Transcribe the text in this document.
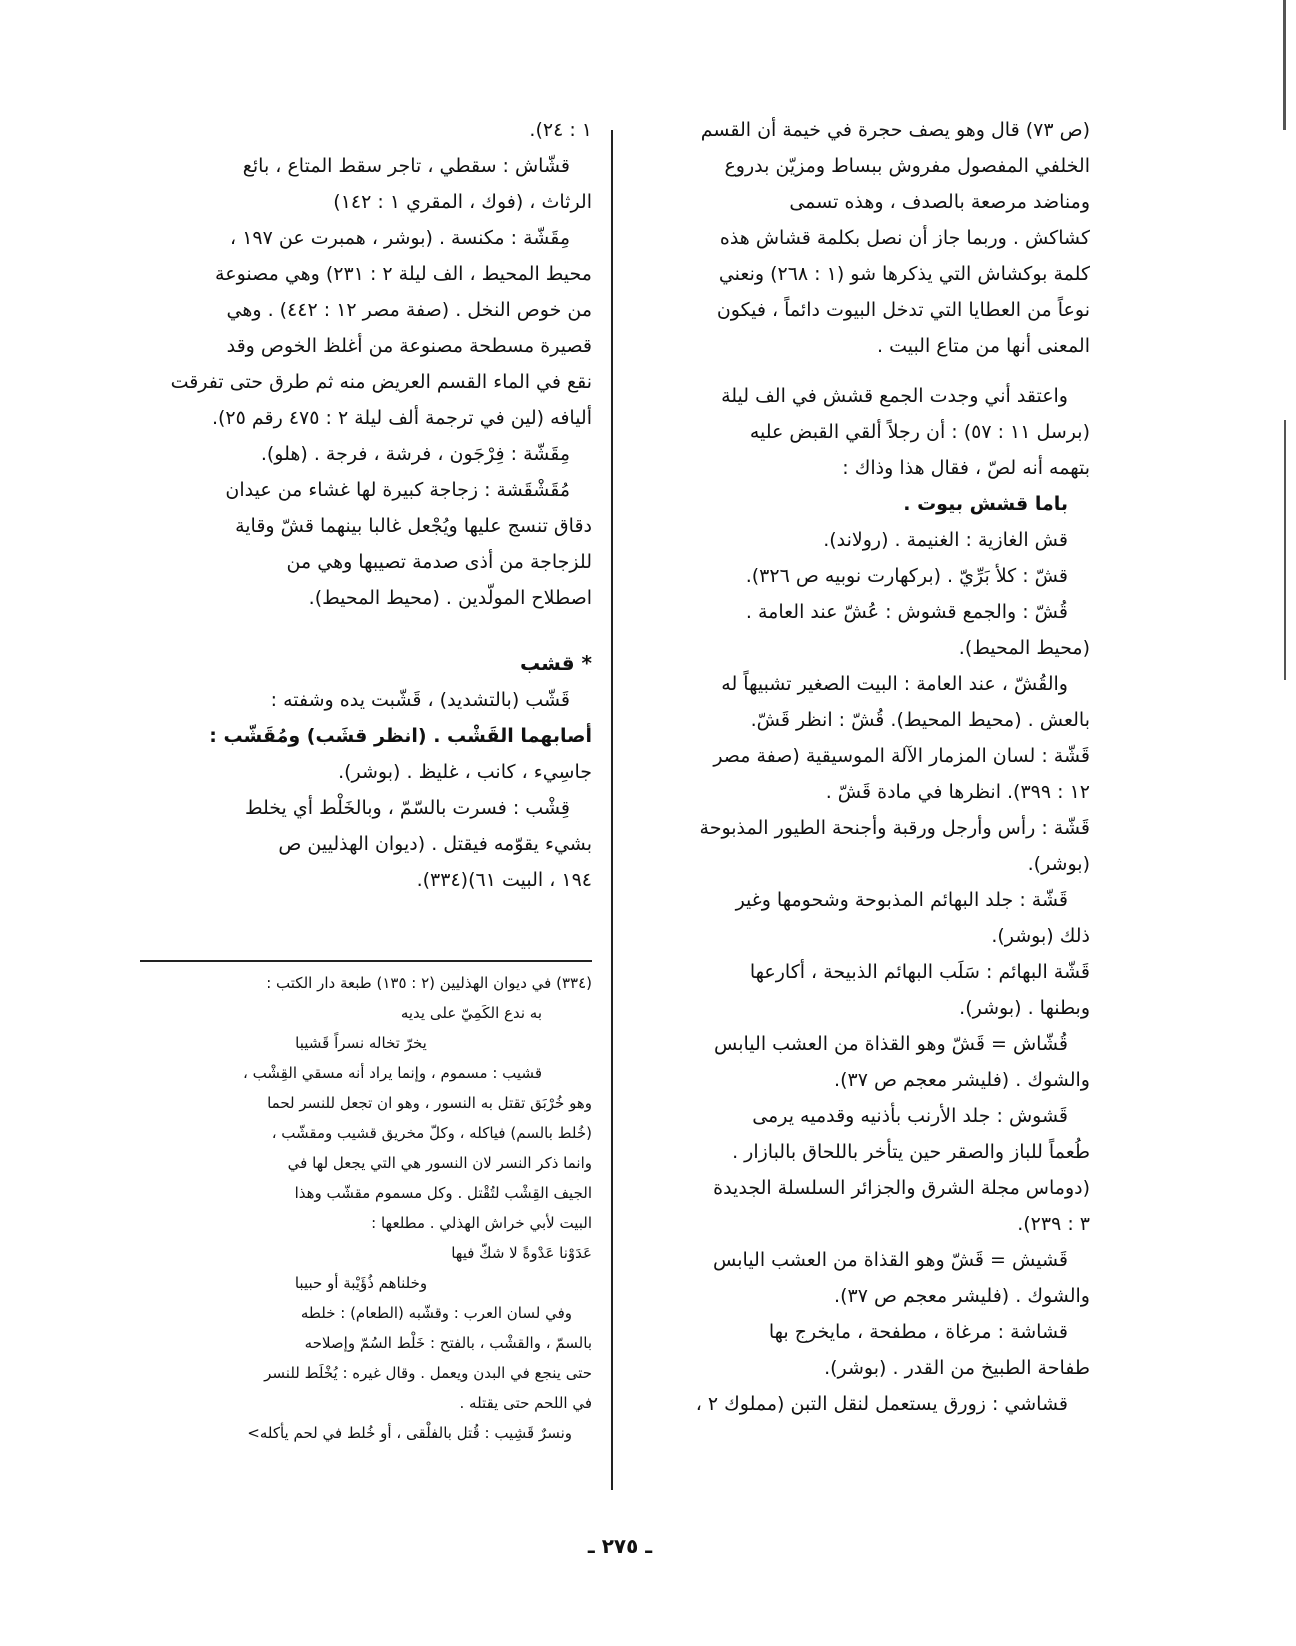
(ص ٧٣) قال وهو يصف حجرة في خيمة أن القسم
الخلفي المفصول مفروش ببساط ومزيّن بدروع
ومناضد مرصعة بالصدف ، وهذه تسمى
كشاكش . وربما جاز أن نصل بكلمة قشاش هذه
كلمة بوكشاش التي يذكرها شو (١ : ٢٦٨) ونعني
نوعاً من العطايا التي تدخل البيوت دائماً ، فيكون
المعنى أنها من متاع البيت .
واعتقد أني وجدت الجمع قشش في الف ليلة
(برسل ١١ : ٥٧) : أن رجلاً ألقي القبض عليه
بتهمه أنه لصّ ، فقال هذا وذاك :
باما قشش بيوت .
قش الغازية : الغنيمة . (رولاند).
قشّ : كلأ بَرِّيّ . (بركهارت نوبيه ص ٣٢٦).
قُشّ : والجمع قشوش : عُشّ عند العامة .
(محيط المحيط).
والقُشّ ، عند العامة : البيت الصغير تشبيهاً له
بالعش . (محيط المحيط). قُشّ : انظر قَشّ.
قَشّة : لسان المزمار الآلة الموسيقية (صفة مصر
١٢ : ٣٩٩). انظرها في مادة قَشّ .
قَشّة : رأس وأرجل ورقبة وأجنحة الطيور المذبوحة
(بوشر).
قَشّة : جلد البهائم المذبوحة وشحومها وغير
ذلك (بوشر).
قَشّة البهائم : سَلَب البهائم الذبيحة ، أكارعها
وبطنها . (بوشر).
قُشّاش = قَشّ وهو القذاة من العشب اليابس
والشوك . (فليشر معجم ص ٣٧).
قَشوش : جلد الأرنب بأذنيه وقدميه يرمى
طُعماً للباز والصقر حين يتأخر باللحاق بالبازار .
(دوماس مجلة الشرق والجزائر السلسلة الجديدة
٣ : ٢٣٩).
قَشيش = قَشّ وهو القذاة من العشب اليابس
والشوك . (فليشر معجم ص ٣٧).
قشاشة : مرغاة ، مطفحة ، مايخرج بها
طفاحة الطبيخ من القدر . (بوشر).
قشاشي : زورق يستعمل لنقل التبن (مملوك ٢ ،
١ : ٢٤).
قشّاش : سقطي ، تاجر سقط المتاع ، بائع
الرثاث ، (فوك ، المقري ١ : ١٤٢)
مِقَشّة : مكنسة . (بوشر ، همبرت عن ١٩٧ ،
محيط المحيط ، الف ليلة ٢ : ٢٣١) وهي مصنوعة
من خوص النخل . (صفة مصر ١٢ : ٤٤٢) . وهي
قصيرة مسطحة مصنوعة من أغلظ الخوص وقد
نقع في الماء القسم العريض منه ثم طرق حتى تفرقت
أليافه (لين في ترجمة ألف ليلة ٢ : ٤٧٥ رقم ٢٥).
مِقَشّة : فِرْجَون ، فرشة ، فرجة . (هلو).
مُقَشْقَشة : زجاجة كبيرة لها غشاء من عيدان
دقاق تنسج عليها ويُجْعل غالبا بينهما قشّ وقاية
للزجاجة من أذى صدمة تصيبها وهي من
اصطلاح المولّدين . (محيط المحيط).
* قشب
قَشّب (بالتشديد) ، قَشّبت يده وشفته :
أصابهما القَشْب . (انظر قشَب) ومُقَشّب :
جاسِيء ، كانب ، غليظ . (بوشر).
قِشْب : فسرت بالسّمّ ، وبالخَلْط أي يخلط
بشيء يقوّمه فيقتل . (ديوان الهذليين ص
١٩٤ ، البيت ٦١)(٣٣٤).
(٣٣٤) في ديوان الهذليين (٢ : ١٣٥) طبعة دار الكتب :
به ندع الكَمِيّ على يديه
يخرّ تخاله نسراً قَشيبا
قشيب : مسموم ، وإنما يراد أنه مسقي القِشْب ،
وهو خُرْبَق تقتل به النسور ، وهو ان تجعل للنسر لحما
(خُلط بالسم) فياكله ، وكلّ مخريق قشيب ومقشّب ،
وانما ذكر النسر لان النسور هي التي يجعل لها في
الجيف القِشْب لتُقْتل . وكل مسموم مقشّب وهذا
البيت لأبي خراش الهذلي . مطلعها :
عَدَوْنا عَدْوةً لا شكّ فيها
وخلناهم ذُؤَيْبة أو حبيبا
وفي لسان العرب : وقشّبه (الطعام) : خلطه
بالسمّ ، والقشْب ، بالفتح : خَلْط السُمّ وإصلاحه
حتى ينجع في البدن ويعمل . وقال غيره : يُخْلَط للنسر
في اللحم حتى يقتله .
ونسرٌ قَشِيب : قُتل بالفلْقى ، أو خُلط في لحم يأكله>
ـ ٢٧٥ ـ
